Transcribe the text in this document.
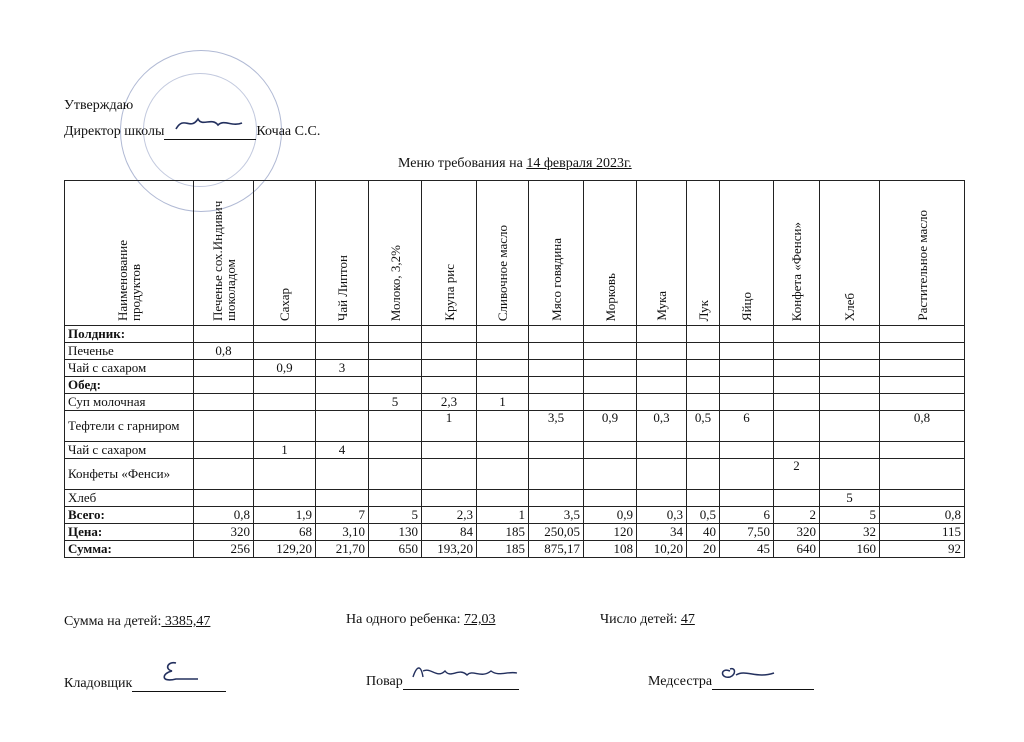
Утверждаю
Директор школы	Кочаа С.С.
Меню требования на 14 февраля 2023г.
Наименование продуктов	Печенье сох.Индивич шоколадом	Сахар	Чай Липтон	Молоко, 3,2%	Крупа рис	Сливочное масло	Мясо говядина	Морковь	Мука	Лук	Яйцо	Конфета «Фенси»	Хлеб	Растительное масло

Полдник:														
Печенье	0,8													
Чай с сахаром		0,9	3											
Обед:														
Суп молочная				5	2,3	1								
Тефтели с гарниром					1		3,5	0,9	0,3	0,5	6			0,8
Чай с сахаром		1	4											
Конфеты «Фенси»												2		
Хлеб													5	
Всего:	0,8	1,9	7	5	2,3	1	3,5	0,9	0,3	0,5	6	2	5	0,8
Цена:	320	68	3,10	130	84	185	250,05	120	34	40	7,50	320	32	115
Сумма:	256	129,20	21,70	650	193,20	185	875,17	108	10,20	20	45	640	160	92
Сумма на детей: 3385,47	На одного ребенка: 72,03	Число детей: 47
Кладовщик	Повар	Медсестра
